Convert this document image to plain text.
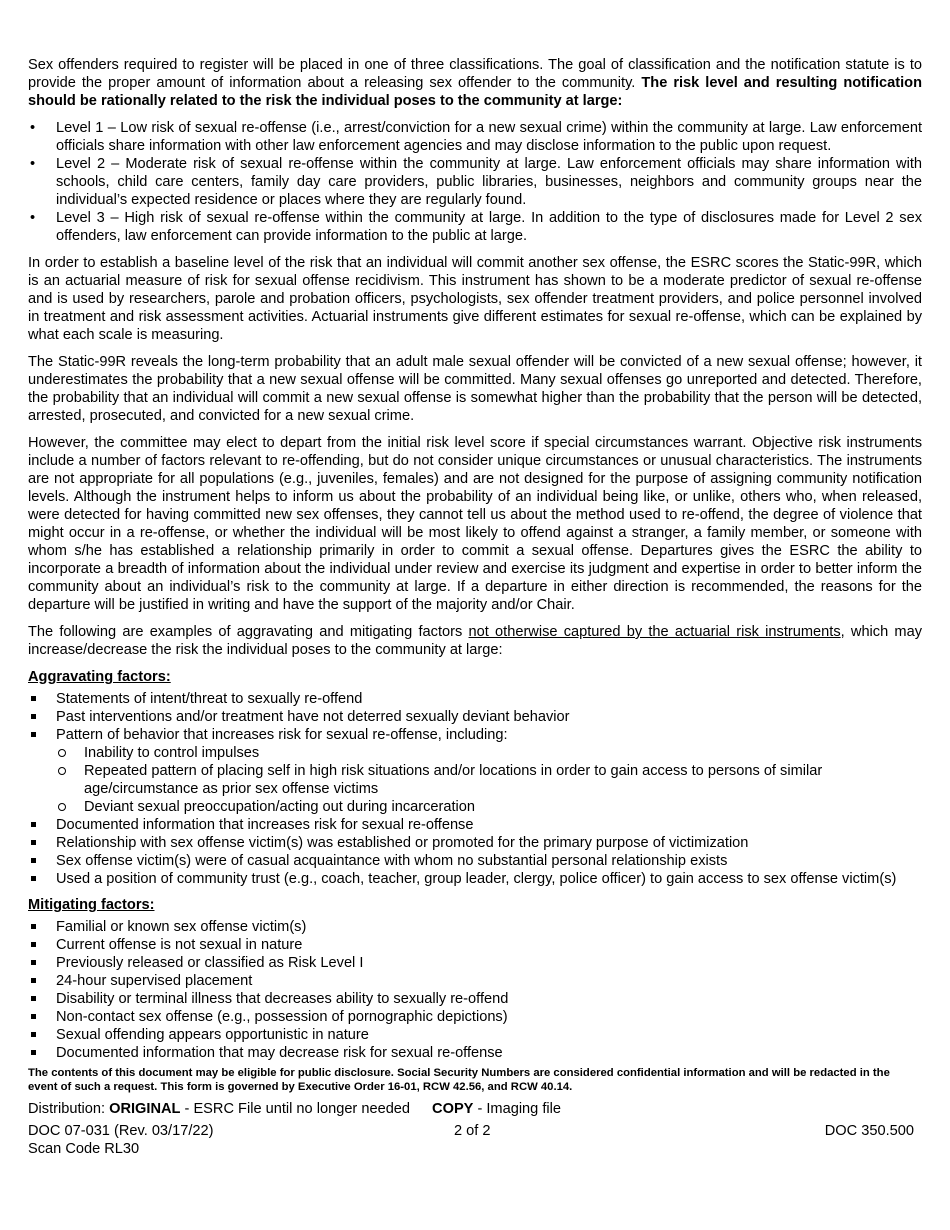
Sex offenders required to register will be placed in one of three classifications. The goal of classification and the notification statute is to provide the proper amount of information about a releasing sex offender to the community. The risk level and resulting notification should be rationally related to the risk the individual poses to the community at large:

• Level 1 – Low risk of sexual re-offense (i.e., arrest/conviction for a new sexual crime) within the community at large. Law enforcement officials share information with other law enforcement agencies and may disclose information to the public upon request.
• Level 2 – Moderate risk of sexual re-offense within the community at large. Law enforcement officials may share information with schools, child care centers, family day care providers, public libraries, businesses, neighbors and community groups near the individual’s expected residence or places where they are regularly found.
• Level 3 – High risk of sexual re-offense within the community at large. In addition to the type of disclosures made for Level 2 sex offenders, law enforcement can provide information to the public at large.

In order to establish a baseline level of the risk that an individual will commit another sex offense, the ESRC scores the Static-99R, which is an actuarial measure of risk for sexual offense recidivism. This instrument has shown to be a moderate predictor of sexual re-offense and is used by researchers, parole and probation officers, psychologists, sex offender treatment providers, and police personnel involved in treatment and risk assessment activities. Actuarial instruments give different estimates for sexual re-offense, which can be explained by what each scale is measuring.

The Static-99R reveals the long-term probability that an adult male sexual offender will be convicted of a new sexual offense; however, it underestimates the probability that a new sexual offense will be committed. Many sexual offenses go unreported and detected. Therefore, the probability that an individual will commit a new sexual offense is somewhat higher than the probability that the person will be detected, arrested, prosecuted, and convicted for a new sexual crime.

However, the committee may elect to depart from the initial risk level score if special circumstances warrant. Objective risk instruments include a number of factors relevant to re-offending, but do not consider unique circumstances or unusual characteristics. The instruments are not appropriate for all populations (e.g., juveniles, females) and are not designed for the purpose of assigning community notification levels. Although the instrument helps to inform us about the probability of an individual being like, or unlike, others who, when released, were detected for having committed new sex offenses, they cannot tell us about the method used to re-offend, the degree of violence that might occur in a re-offense, or whether the individual will be most likely to offend against a stranger, a family member, or someone with whom s/he has established a relationship primarily in order to commit a sexual offense. Departures gives the ESRC the ability to incorporate a breadth of information about the individual under review and exercise its judgment and expertise in order to better inform the community about an individual’s risk to the community at large. If a departure in either direction is recommended, the reasons for the departure will be justified in writing and have the support of the majority and/or Chair.

The following are examples of aggravating and mitigating factors not otherwise captured by the actuarial risk instruments, which may increase/decrease the risk the individual poses to the community at large:

Aggravating factors:
Statements of intent/threat to sexually re-offend
Past interventions and/or treatment have not deterred sexually deviant behavior
Pattern of behavior that increases risk for sexual re-offense, including:
Inability to control impulses
Repeated pattern of placing self in high risk situations and/or locations in order to gain access to persons of similar age/circumstance as prior sex offense victims
Deviant sexual preoccupation/acting out during incarceration
Documented information that increases risk for sexual re-offense
Relationship with sex offense victim(s) was established or promoted for the primary purpose of victimization
Sex offense victim(s) were of casual acquaintance with whom no substantial personal relationship exists
Used a position of community trust (e.g., coach, teacher, group leader, clergy, police officer) to gain access to sex offense victim(s)
Mitigating factors:
Familial or known sex offense victim(s)
Current offense is not sexual in nature
Previously released or classified as Risk Level I
24-hour supervised placement
Disability or terminal illness that decreases ability to sexually re-offend
Non-contact sex offense (e.g., possession of pornographic depictions)
Sexual offending appears opportunistic in nature
Documented information that may decrease risk for sexual re-offense
The contents of this document may be eligible for public disclosure. Social Security Numbers are considered confidential information and will be redacted in the event of such a request. This form is governed by Executive Order 16-01, RCW 42.56, and RCW 40.14.
Distribution: ORIGINAL - ESRC File until no longer needed COPY - Imaging file
DOC 07-031 (Rev. 03/17/22)	2 of 2	DOC 350.500
Scan Code RL30
